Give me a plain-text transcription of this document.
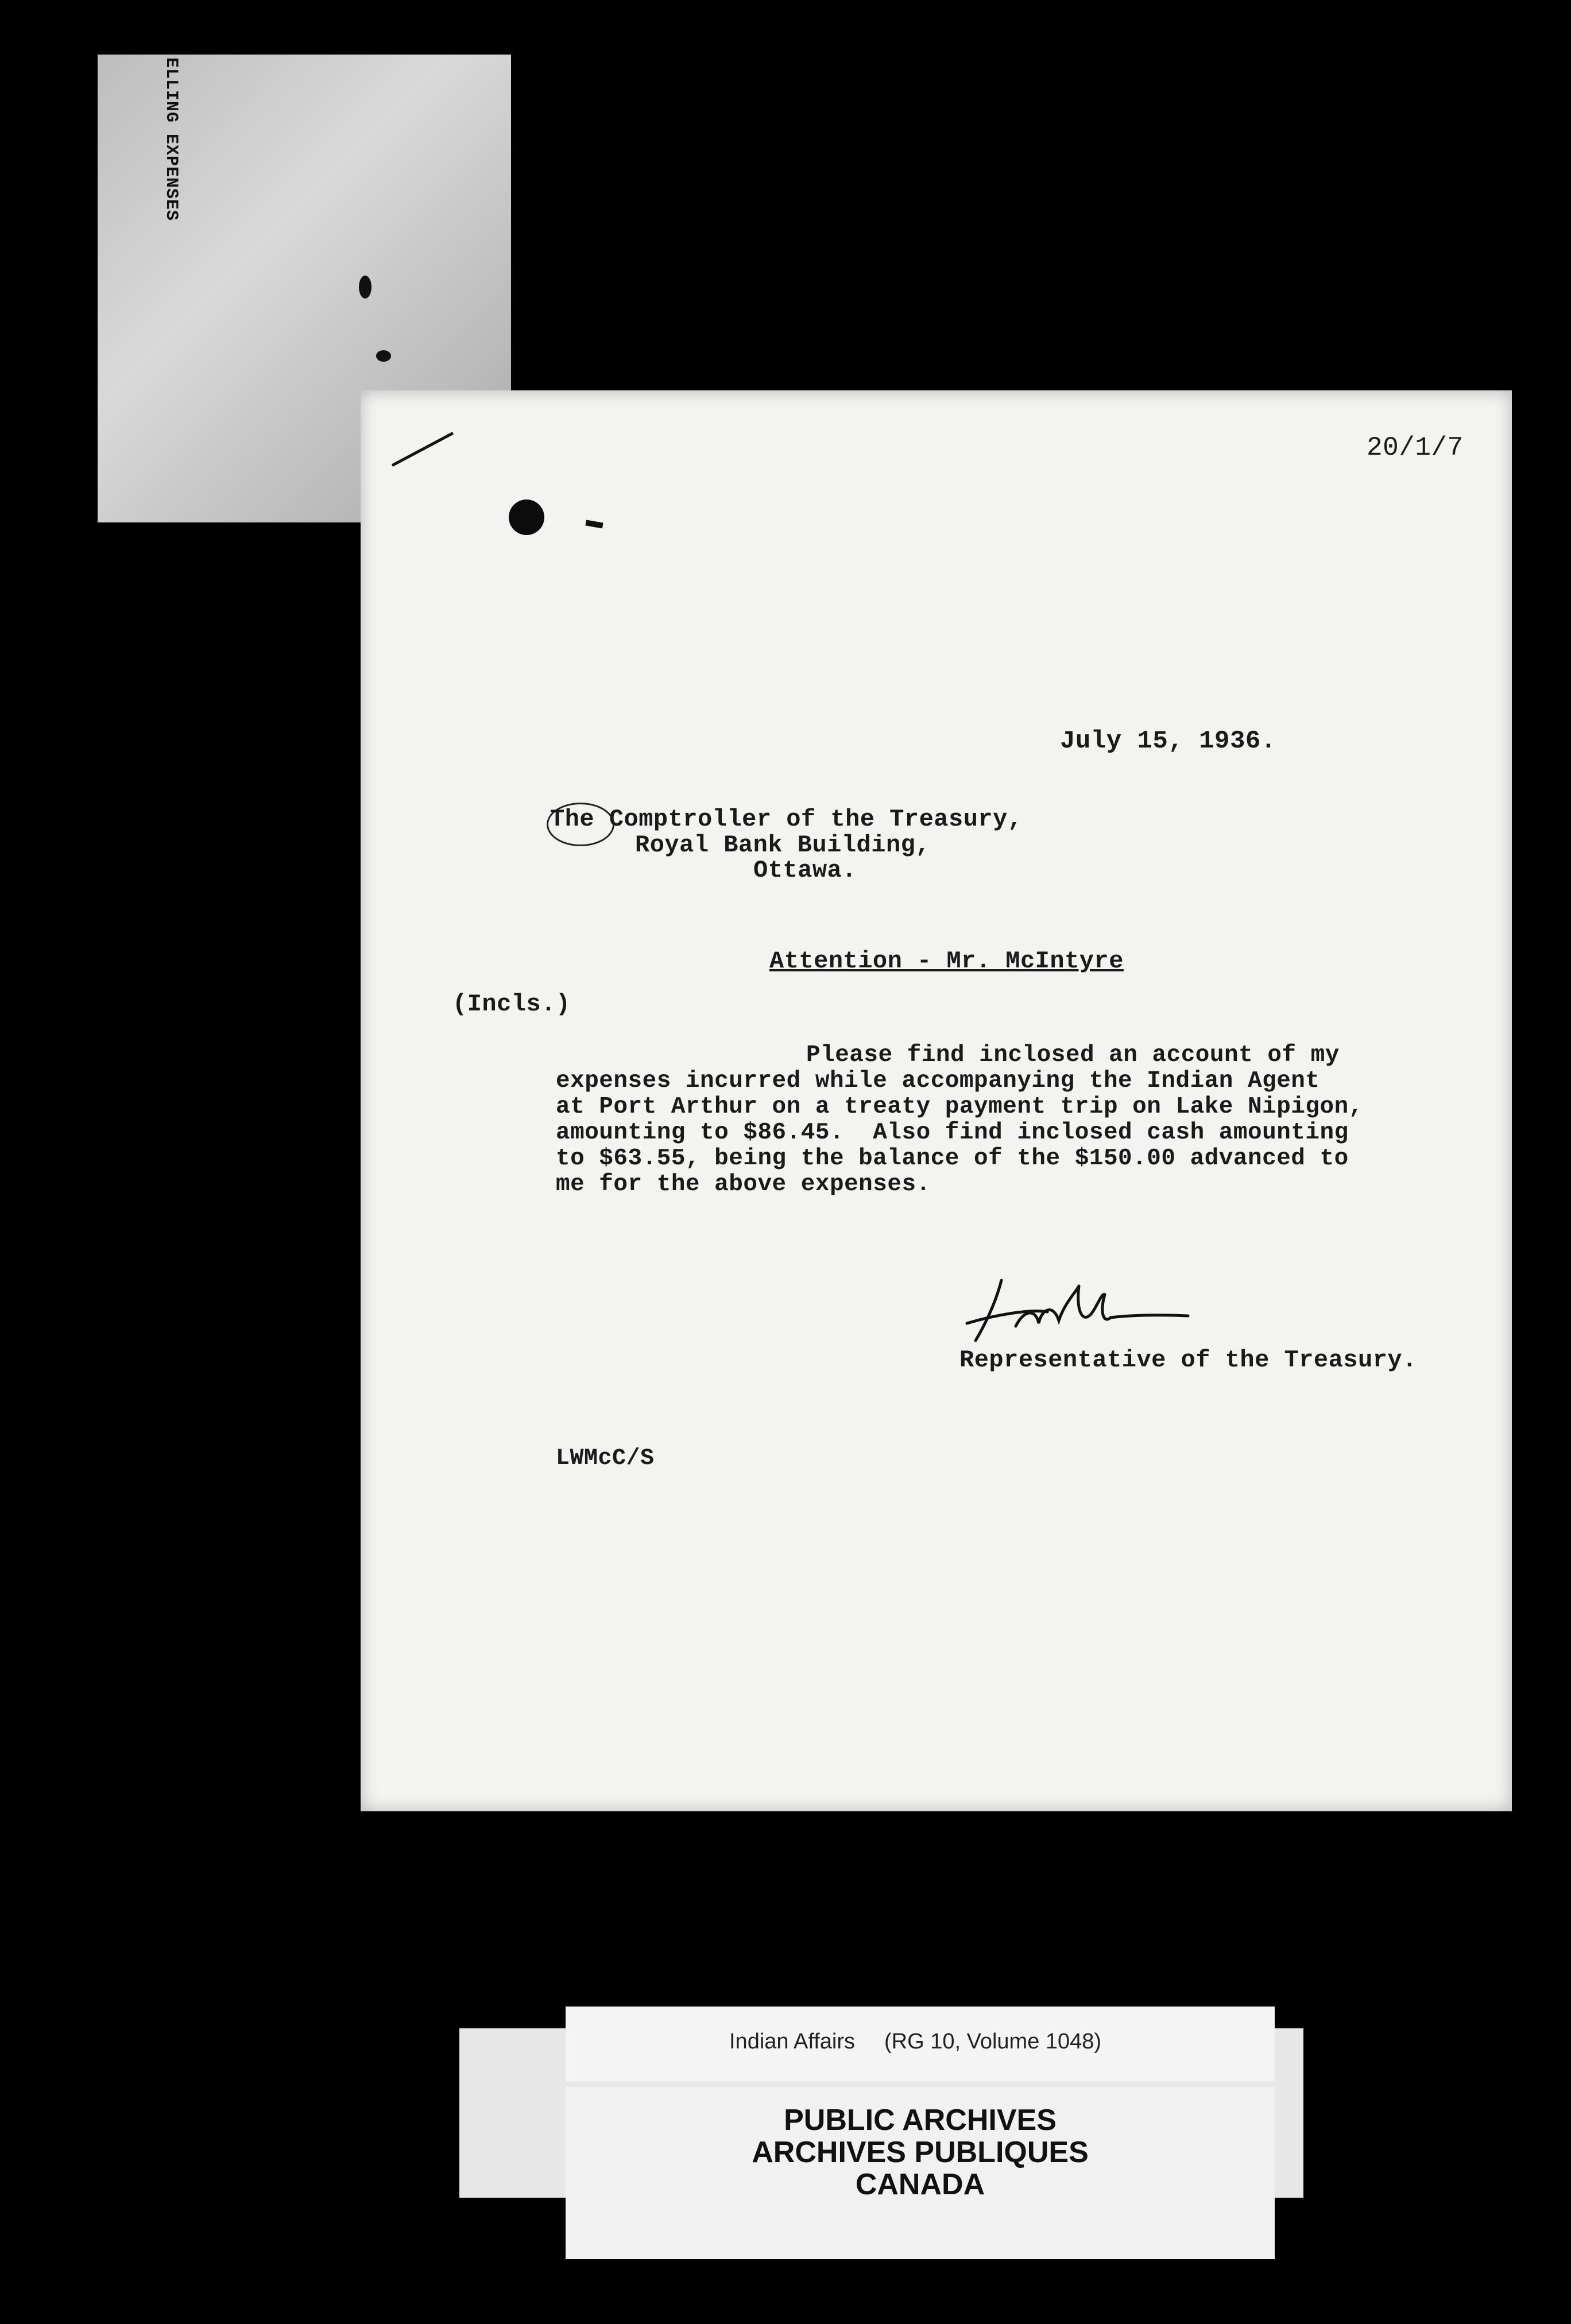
ELLING EXPENSES
20/1/7
July 15, 1936.
The Comptroller of the Treasury,
Royal Bank Building,
Ottawa.
Attention - Mr. McIntyre
(Incls.)
Please find inclosed an account of my
expenses incurred while accompanying the Indian Agent
at Port Arthur on a treaty payment trip on Lake Nipigon,
amounting to $86.45.  Also find inclosed cash amounting
to $63.55, being the balance of the $150.00 advanced to
me for the above expenses.
Representative of the Treasury.
LWMcC/S
Indian Affairs (RG 10, Volume 1048)
PUBLIC ARCHIVES
ARCHIVES PUBLIQUES
CANADA
